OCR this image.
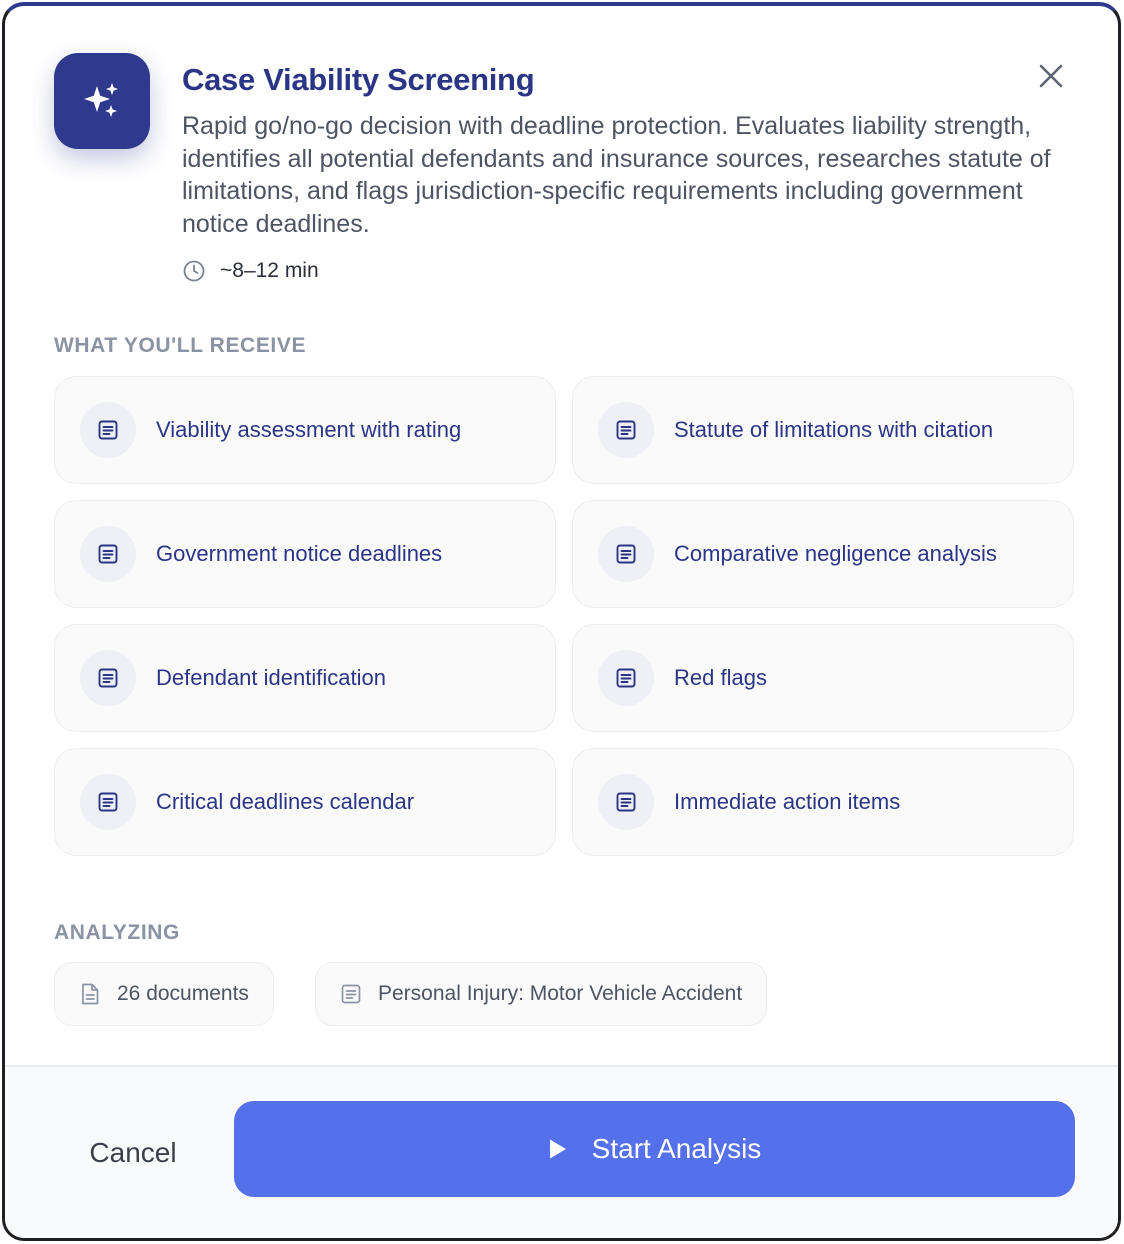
Case Viability Screening
Rapid go/no-go decision with deadline protection. Evaluates liability strength, identifies all potential defendants and insurance sources, researches statute of limitations, and flags jurisdiction-specific requirements including government notice deadlines.
~8–12 min
WHAT YOU'LL RECEIVE
Viability assessment with rating	Statute of limitations with citation
Government notice deadlines	Comparative negligence analysis
Defendant identification	Red flags
Critical deadlines calendar	Immediate action items
ANALYZING
26 documents	Personal Injury: Motor Vehicle Accident
Cancel	Start Analysis
